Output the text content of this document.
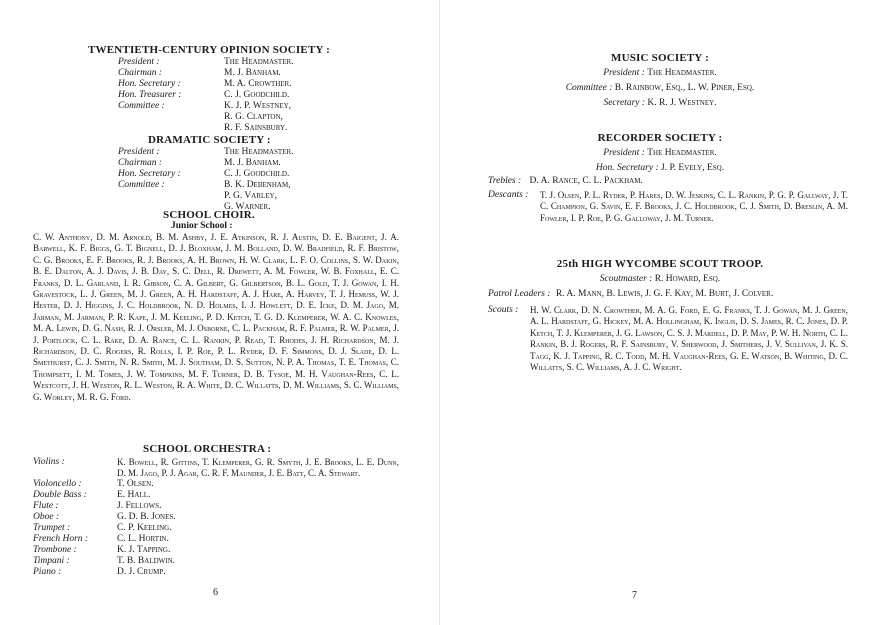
TWENTIETH-CENTURY OPINION SOCIETY :

President :	The Headmaster.
Chairman :	M. J. Banham.
Hon. Secretary :	M. A. Crowther.
Hon. Treasurer :	C. J. Goodchild.
Committee :	K. J. P. Westney,
R. G. Clapton,
R. F. Sainsbury.

DRAMATIC SOCIETY :

President :	The Headmaster.
Chairman :	M. J. Banham.
Hon. Secretary :	C. J. Goodchild.
Committee :	B. K. Debenham,
P. G. Varley,
G. Warner.

SCHOOL CHOIR.

Junior School :

C. W. Anthony, D. M. Arnold, B. M. Ashby, J. E. Atkinson, R. J. Austin, D. E. Baigent, J. A. Barwell, K. F. Biggs, G. T. Bignell, D. J. Bloxham, J. M. Bolland, D. W. Bradfield, R. F. Bristow, C. G. Brooks, E. F. Brooks, R. J. Brooks, A. H. Brown, H. W. Clark, L. F. O. Collins, S. W. Dakin, B. E. Dalton, A. J. Davis, J. B. Day, S. C. Dell, R. Drewett, A. M. Fowler, W. B. Foxhall, E. C. Franks, D. L. Garland, I. R. Gibson, C. A. Gilbert, G. Gilbertson, B. L. Gold, T. J. Gowan, I. H. Gravestock, L. J. Green, M. J. Green, A. H. Hardstaff, A. J. Hare, A. Harvey, T. J. Hemuss, W. J. Hester, D. J. Higgins, J. C. Holdbrook, N. D. Holmes, I. J. Howlett, D. E. Icke, D. M. Jago, M. Jarman, M. Jarman, P. R. Kape, J. M. Keeling, P. D. Ketch, T. G. D. Klemperer, W. A. C. Knowles, M. A. Lewin, D. G. Nash, R. J. Orsler, M. J. Osborne, C. L. Packham, R. F. Palmer, R. W. Palmer, J. J. Portlock, C. L. Rake, D. A. Rance, C. L. Rankin, P. Read, T. Rhodes, J. H. Richardson, M. J. Richardson, D. C. Rogers, R. Rolls, I. P. Roe, P. L. Ryder, D. F. Simmons, D. J. Slade, D. L. Smethurst, C. J. Smith, N. R. Smith, M. J. Southam, D. S. Sutton, N. P. A. Thomas, T. E. Thomas, C. Thompsett, I. M. Tomes, J. W. Tompkins, M. F. Turner, D. B. Tysoe, M. H. Vaughan-Rees, C. L. Westcott, J. H. Weston, R. L. Weston, R. A. White, D. C. Willatts, D. M. Williams, S. C. Williams, G. Worley, M. R. G. Ford.

SCHOOL ORCHESTRA :

Violins :	K. Bowell, R. Gittins, T. Klemperer, G. R. Smyth, J. E. Brooks, L. E. Dunn, D. M. Jago, P. J. Agar, C. R. F. Maunder, J. E. Batt, C. A. Stewart.
Violoncello :	T. Olsen.
Double Bass :	E. Hall.
Flute :	J. Fellows.
Oboe :	G. D. B. Jones.
Trumpet :	C. P. Keeling.
French Horn :	C. L. Hortin.
Trombone :	K. J. Tapping.
Timpani :	T. B. Baldwin.
Piano :	D. J. Crump.
6

MUSIC SOCIETY :

President : The Headmaster.
Committee : B. Rainbow, Esq., L. W. Piner, Esq.
Secretary : K. R. J. Westney.

RECORDER SOCIETY :

President : The Headmaster.
Hon. Secretary : J. P. Evely, Esq.
Trebles : D. A. Rance, C. L. Packham.
Descants :	T. J. Olsen, P. L. Ryder, P. Hares, D. W. Jeskins, C. L. Rankin, P. G. P. Gallway, J. T. C. Champion, G. Savin, E. F. Brooks, J. C. Holdbrook, C. J. Smith, D. Breslin, A. M. Fowler, I. P. Roe, P. G. Galloway, J. M. Turner.

25th HIGH WYCOMBE SCOUT TROOP.

Scoutmaster : R. Howard, Esq.
Patrol Leaders : R. A. Mann, B. Lewis, J. G. F. Kay, M. Burt, J. Colver.
Scouts :	H. W. Clark, D. N. Crowther, M. A. G. Ford, E. G. Franks, T. J. Gowan, M. J. Green, A. L. Hardstaff, G. Hickey, M. A. Hollingham, K. Inglis, D. S. James, R. C. Jones, D. P. Ketch, T. J. Klemperer, J. G. Lawson, C. S. J. Mardell, D. P. May, P. W. H. North, C. L. Rankin, B. J. Rogers, R. F. Sainsbury, V. Sherwood, J. Smithers, J. V. Sullivan, J. K. S. Tagg, K. J. Tapping, R. C. Todd, M. H. Vaughan-Rees, G. E. Watson, B. Whiting, D. C. Willatts, S. C. Williams, A. J. C. Wright.

7
